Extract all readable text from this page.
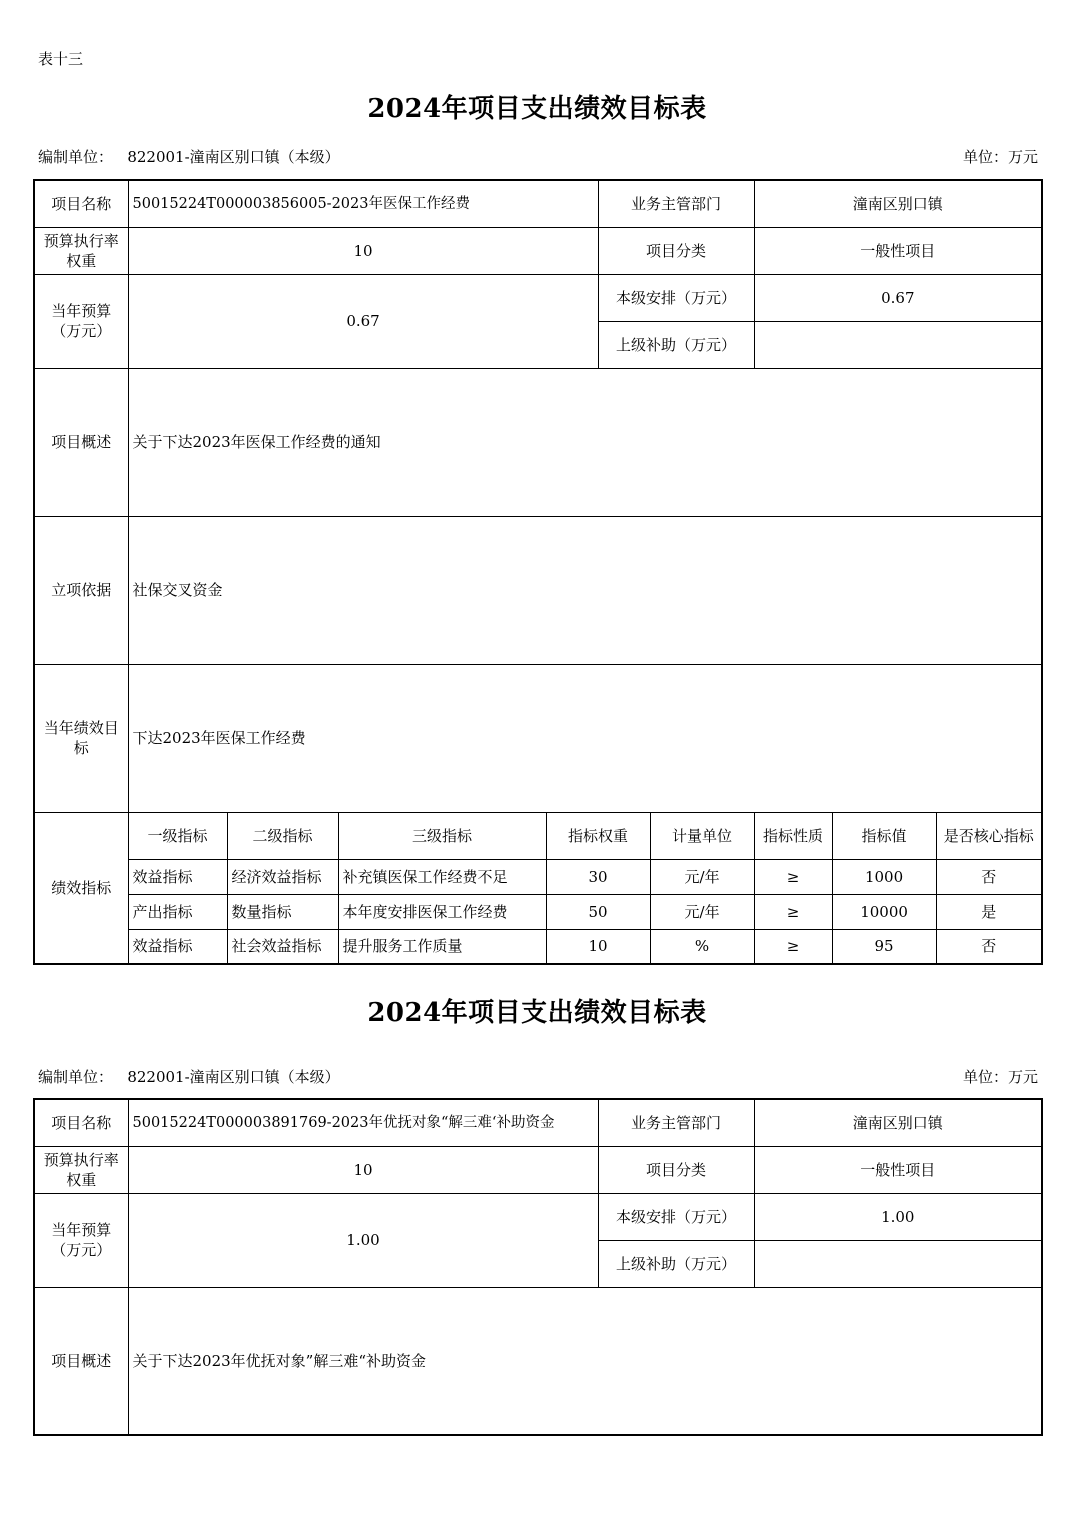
表十三
2024年项目支出绩效目标表
编制单位： 822001-潼南区别口镇（本级）	单位：万元
项目名称	50015224T000003856005-2023年医保工作经费				业务主管部门		潼南区别口镇		
预算执行率权重	10				项目分类		一般性项目		
当年预算（万元）	0.67				本级安排（万元）		0.67		
					上级补助（万元）				
项目概述	关于下达2023年医保工作经费的通知								
立项依据	社保交叉资金								
当年绩效目标	下达2023年医保工作经费								
绩效指标	一级指标	二级指标	三级指标	指标权重		计量单位	指标性质	指标值	是否核心指标
	效益指标	经济效益指标	补充镇医保工作经费不足	30		元/年	≥	1000	否
	产出指标	数量指标	本年度安排医保工作经费	50		元/年	≥	10000	是
	效益指标	社会效益指标	提升服务工作质量	10		%	≥	95	否
2024年项目支出绩效目标表
编制单位： 822001-潼南区别口镇（本级）	单位：万元
项目名称	50015224T000003891769-2023年优抚对象“解三难‘补助资金	业务主管部门	潼南区别口镇
预算执行率权重	10	项目分类	一般性项目
当年预算（万元）	1.00	本级安排（万元）	1.00
		上级补助（万元）	
项目概述	关于下达2023年优抚对象”解三难“补助资金		
